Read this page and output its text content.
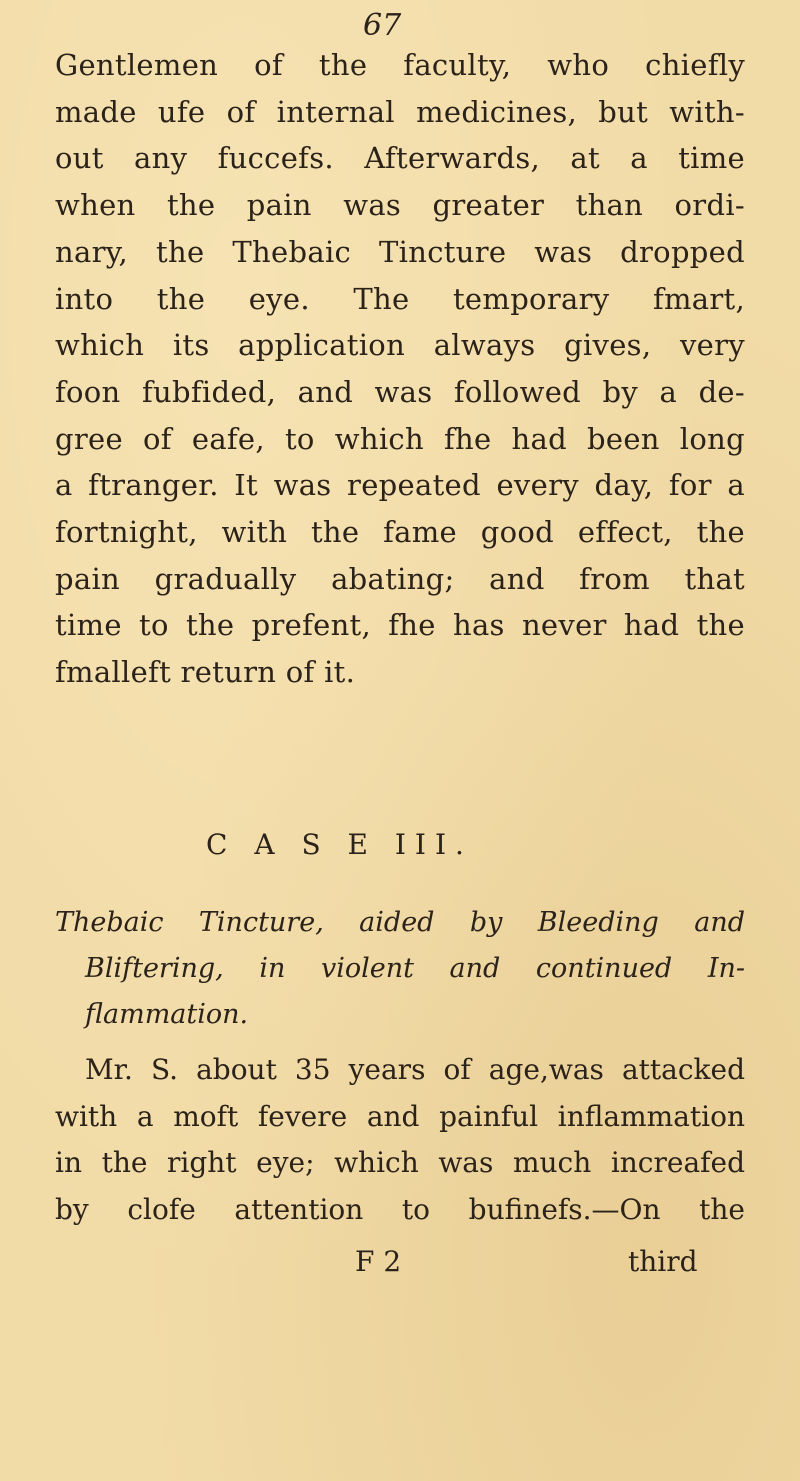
67
Gentlemen of the faculty, who chiefly
made ufe of internal medicines, but with-
out any fuccefs. Afterwards, at a time
when the pain was greater than ordi-
nary, the Thebaic Tincture was dropped
into the eye. The temporary fmart,
which its application always gives, very
foon fubfided, and was followed by a de-
gree of eafe, to which fhe had been long
a ftranger. It was repeated every day, for a
fortnight, with the fame good effect, the
pain gradually abating; and from that
time to the prefent, fhe has never had the
fmalleft return of it.
C A S E III.
Thebaic Tincture, aided by Bleeding and
Bliftering, in violent and continued In-
flammation.
Mr. S. about 35 years of age,was attacked
with a moft fevere and painful inflammation
in the right eye; which was much increafed
by clofe attention to bufinefs.—On the
F 2	third
